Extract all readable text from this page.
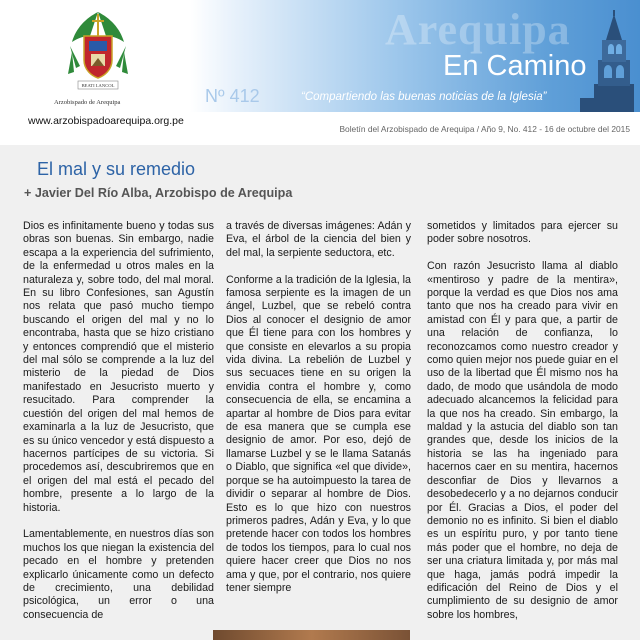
BEATI LANCOL
Arzobispado de Arequipa
www.arzobispadoarequipa.org.pe
Arequipa
En Camino
Nº 412	“Compartiendo las buenas noticias de la Iglesia”
Boletín del Arzobispado de Arequipa / Año 9, No. 412 - 16 de octubre del 2015
El mal y su remedio
+ Javier Del Río Alba, Arzobispo de Arequipa

Dios es infinitamente bueno y todas sus obras son buenas. Sin embargo, nadie escapa a la experiencia del sufrimiento, de la enfermedad u otros males en la naturaleza y, sobre todo, del mal moral. En su libro Confesiones, san Agustín nos relata que pasó mucho tiempo buscando el origen del mal y no lo encontraba, hasta que se hizo cristiano y entonces comprendió que el misterio del mal sólo se comprende a la luz del misterio de la piedad de Dios manifestado en Jesucristo muerto y resucitado. Para comprender la cuestión del origen del mal hemos de examinarla a la luz de Jesucristo, que es su único vencedor y está dispuesto a hacernos partícipes de su victoria. Si procedemos así, descubriremos que en el origen del mal está el pecado del hombre, presente a lo largo de la historia.

Lamentablemente, en nuestros días son muchos los que niegan la existencia del pecado en el hombre y pretenden explicarlo únicamente como un defecto de crecimiento, una debilidad psicológica, un error o una consecuencia de

a través de diversas imágenes: Adán y Eva, el árbol de la ciencia del bien y del mal, la serpiente seductora, etc.

Conforme a la tradición de la Iglesia, la famosa serpiente es la imagen de un ángel, Luzbel, que se rebeló contra Dios al conocer el designio de amor que Él tiene para con los hombres y que consiste en elevarlos a su propia vida divina. La rebelión de Luzbel y sus secuaces tiene en su origen la envidia contra el hombre y, como consecuencia de ella, se encamina a apartar al hombre de Dios para evitar de esa manera que se cumpla ese designio de amor. Por eso, dejó de llamarse Luzbel y se le llama Satanás o Diablo, que significa «el que divide», porque se ha autoimpuesto la tarea de dividir o separar al hombre de Dios. Esto es lo que hizo con nuestros primeros padres, Adán y Eva, y lo que pretende hacer con todos los hombres de todos los tiempos, para lo cual nos quiere hacer creer que Dios no nos ama y que, por el contrario, nos quiere tener siempre

sometidos y limitados para ejercer su poder sobre nosotros.

Con razón Jesucristo llama al diablo «mentiroso y padre de la mentira», porque la verdad es que Dios nos ama tanto que nos ha creado para vivir en amistad con Él y para que, a partir de una relación de confianza, lo reconozcamos como nuestro creador y como quien mejor nos puede guiar en el uso de la libertad que Él mismo nos ha dado, de modo que usándola de modo adecuado alcancemos la felicidad para la que nos ha creado. Sin embargo, la maldad y la astucia del diablo son tan grandes que, desde los inicios de la historia se las ha ingeniado para hacernos caer en su mentira, hacernos desconfiar de Dios y llevarnos a desobedecerlo y a no dejarnos conducir por Él. Gracias a Dios, el poder del demonio no es infinito. Si bien el diablo es un espíritu puro, y por tanto tiene más poder que el hombre, no deja de ser una criatura limitada y, por más mal que haga, jamás podrá impedir la edificación del Reino de Dios y el cumplimiento de su designio de amor sobre los hombres,
